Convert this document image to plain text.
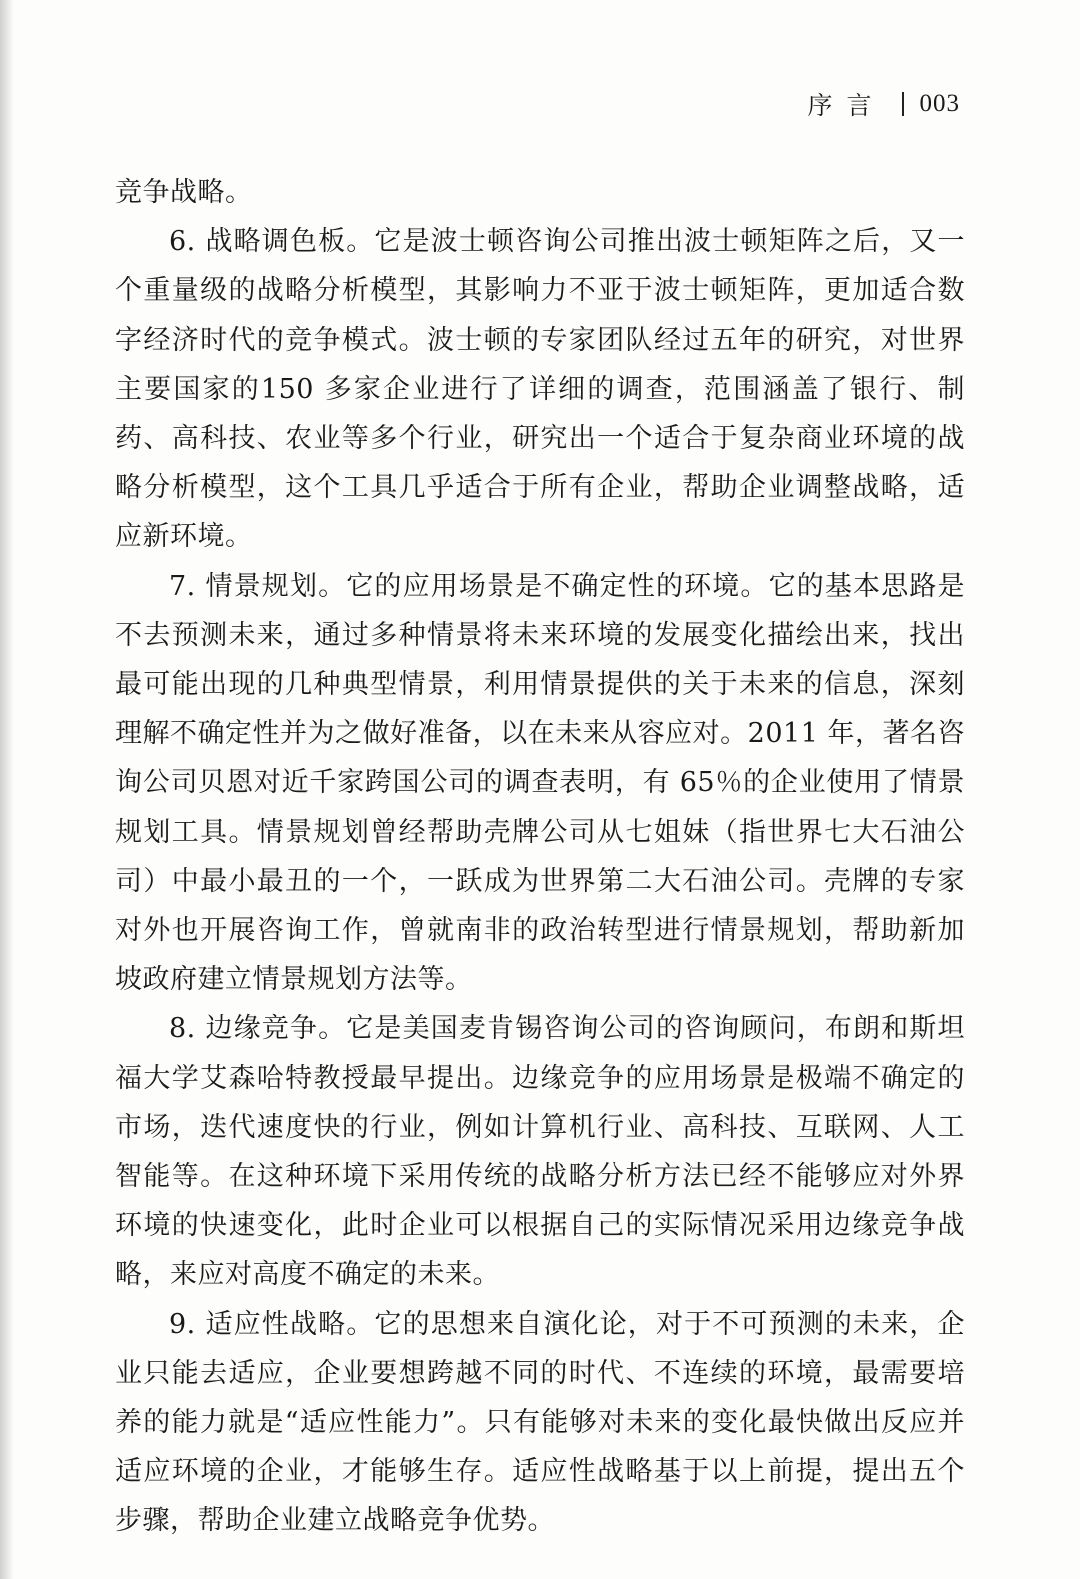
序言 003

竞争战略。

6. 战略调色板。它是波士顿咨询公司推出波士顿矩阵之后，又一个重量级的战略分析模型，其影响力不亚于波士顿矩阵，更加适合数字经济时代的竞争模式。波士顿的专家团队经过五年的研究，对世界主要国家的150 多家企业进行了详细的调查，范围涵盖了银行、制药、高科技、农业等多个行业，研究出一个适合于复杂商业环境的战略分析模型，这个工具几乎适合于所有企业，帮助企业调整战略，适应新环境。

7. 情景规划。它的应用场景是不确定性的环境。它的基本思路是不去预测未来，通过多种情景将未来环境的发展变化描绘出来，找出最可能出现的几种典型情景，利用情景提供的关于未来的信息，深刻理解不确定性并为之做好准备，以在未来从容应对。2011 年，著名咨询公司贝恩对近千家跨国公司的调查表明，有 65％的企业使用了情景规划工具。情景规划曾经帮助壳牌公司从七姐妹（指世界七大石油公司）中最小最丑的一个，一跃成为世界第二大石油公司。壳牌的专家对外也开展咨询工作，曾就南非的政治转型进行情景规划，帮助新加坡政府建立情景规划方法等。

8. 边缘竞争。它是美国麦肯锡咨询公司的咨询顾问，布朗和斯坦福大学艾森哈特教授最早提出。边缘竞争的应用场景是极端不确定的市场，迭代速度快的行业，例如计算机行业、高科技、互联网、人工智能等。在这种环境下采用传统的战略分析方法已经不能够应对外界环境的快速变化，此时企业可以根据自己的实际情况采用边缘竞争战略，来应对高度不确定的未来。

9. 适应性战略。它的思想来自演化论，对于不可预测的未来，企业只能去适应，企业要想跨越不同的时代、不连续的环境，最需要培养的能力就是“适应性能力”。只有能够对未来的变化最快做出反应并适应环境的企业，才能够生存。适应性战略基于以上前提，提出五个步骤，帮助企业建立战略竞争优势。
